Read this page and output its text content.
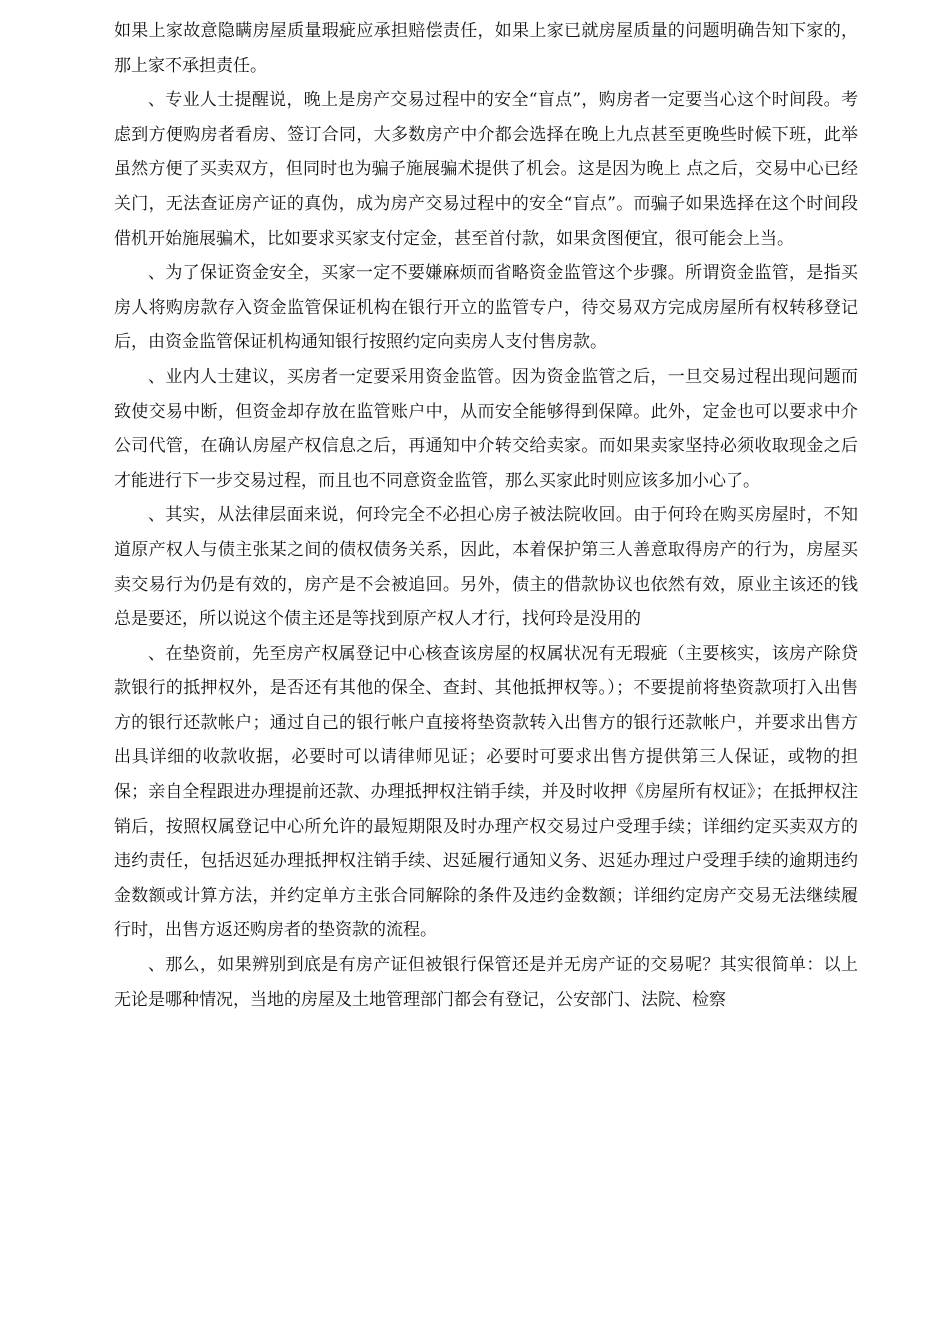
如果上家故意隐瞒房屋质量瑕疵应承担赔偿责任，如果上家已就房屋质量的问题明确告知下家的，那上家不承担责任。

、专业人士提醒说，晚上是房产交易过程中的安全“盲点”，购房者一定要当心这个时间段。考虑到方便购房者看房、签订合同，大多数房产中介都会选择在晚上九点甚至更晚些时候下班，此举虽然方便了买卖双方，但同时也为骗子施展骗术提供了机会。这是因为晚上 点之后，交易中心已经关门，无法查证房产证的真伪，成为房产交易过程中的安全“盲点”。而骗子如果选择在这个时间段借机开始施展骗术，比如要求买家支付定金，甚至首付款，如果贪图便宜，很可能会上当。

、为了保证资金安全，买家一定不要嫌麻烦而省略资金监管这个步骤。所谓资金监管，是指买房人将购房款存入资金监管保证机构在银行开立的监管专户，待交易双方完成房屋所有权转移登记后，由资金监管保证机构通知银行按照约定向卖房人支付售房款。

、业内人士建议，买房者一定要采用资金监管。因为资金监管之后，一旦交易过程出现问题而致使交易中断，但资金却存放在监管账户中，从而安全能够得到保障。此外，定金也可以要求中介公司代管，在确认房屋产权信息之后，再通知中介转交给卖家。而如果卖家坚持必须收取现金之后才能进行下一步交易过程，而且也不同意资金监管，那么买家此时则应该多加小心了。

、其实，从法律层面来说，何玲完全不必担心房子被法院收回。由于何玲在购买房屋时，不知道原产权人与债主张某之间的债权债务关系，因此，本着保护第三人善意取得房产的行为，房屋买卖交易行为仍是有效的，房产是不会被追回。另外，债主的借款协议也依然有效，原业主该还的钱总是要还，所以说这个债主还是等找到原产权人才行，找何玲是没用的

、在垫资前，先至房产权属登记中心核查该房屋的权属状况有无瑕疵（主要核实，该房产除贷款银行的抵押权外，是否还有其他的保全、查封、其他抵押权等。）；不要提前将垫资款项打入出售方的银行还款帐户；通过自己的银行帐户直接将垫资款转入出售方的银行还款帐户，并要求出售方出具详细的收款收据，必要时可以请律师见证；必要时可要求出售方提供第三人保证，或物的担保；亲自全程跟进办理提前还款、办理抵押权注销手续，并及时收押《房屋所有权证》；在抵押权注销后，按照权属登记中心所允许的最短期限及时办理产权交易过户受理手续；详细约定买卖双方的违约责任，包括迟延办理抵押权注销手续、迟延履行通知义务、迟延办理过户受理手续的逾期违约金数额或计算方法，并约定单方主张合同解除的条件及违约金数额；详细约定房产交易无法继续履行时，出售方返还购房者的垫资款的流程。

、那么，如果辨别到底是有房产证但被银行保管还是并无房产证的交易呢？其实很简单：以上无论是哪种情况，当地的房屋及土地管理部门都会有登记，公安部门、法院、检察
